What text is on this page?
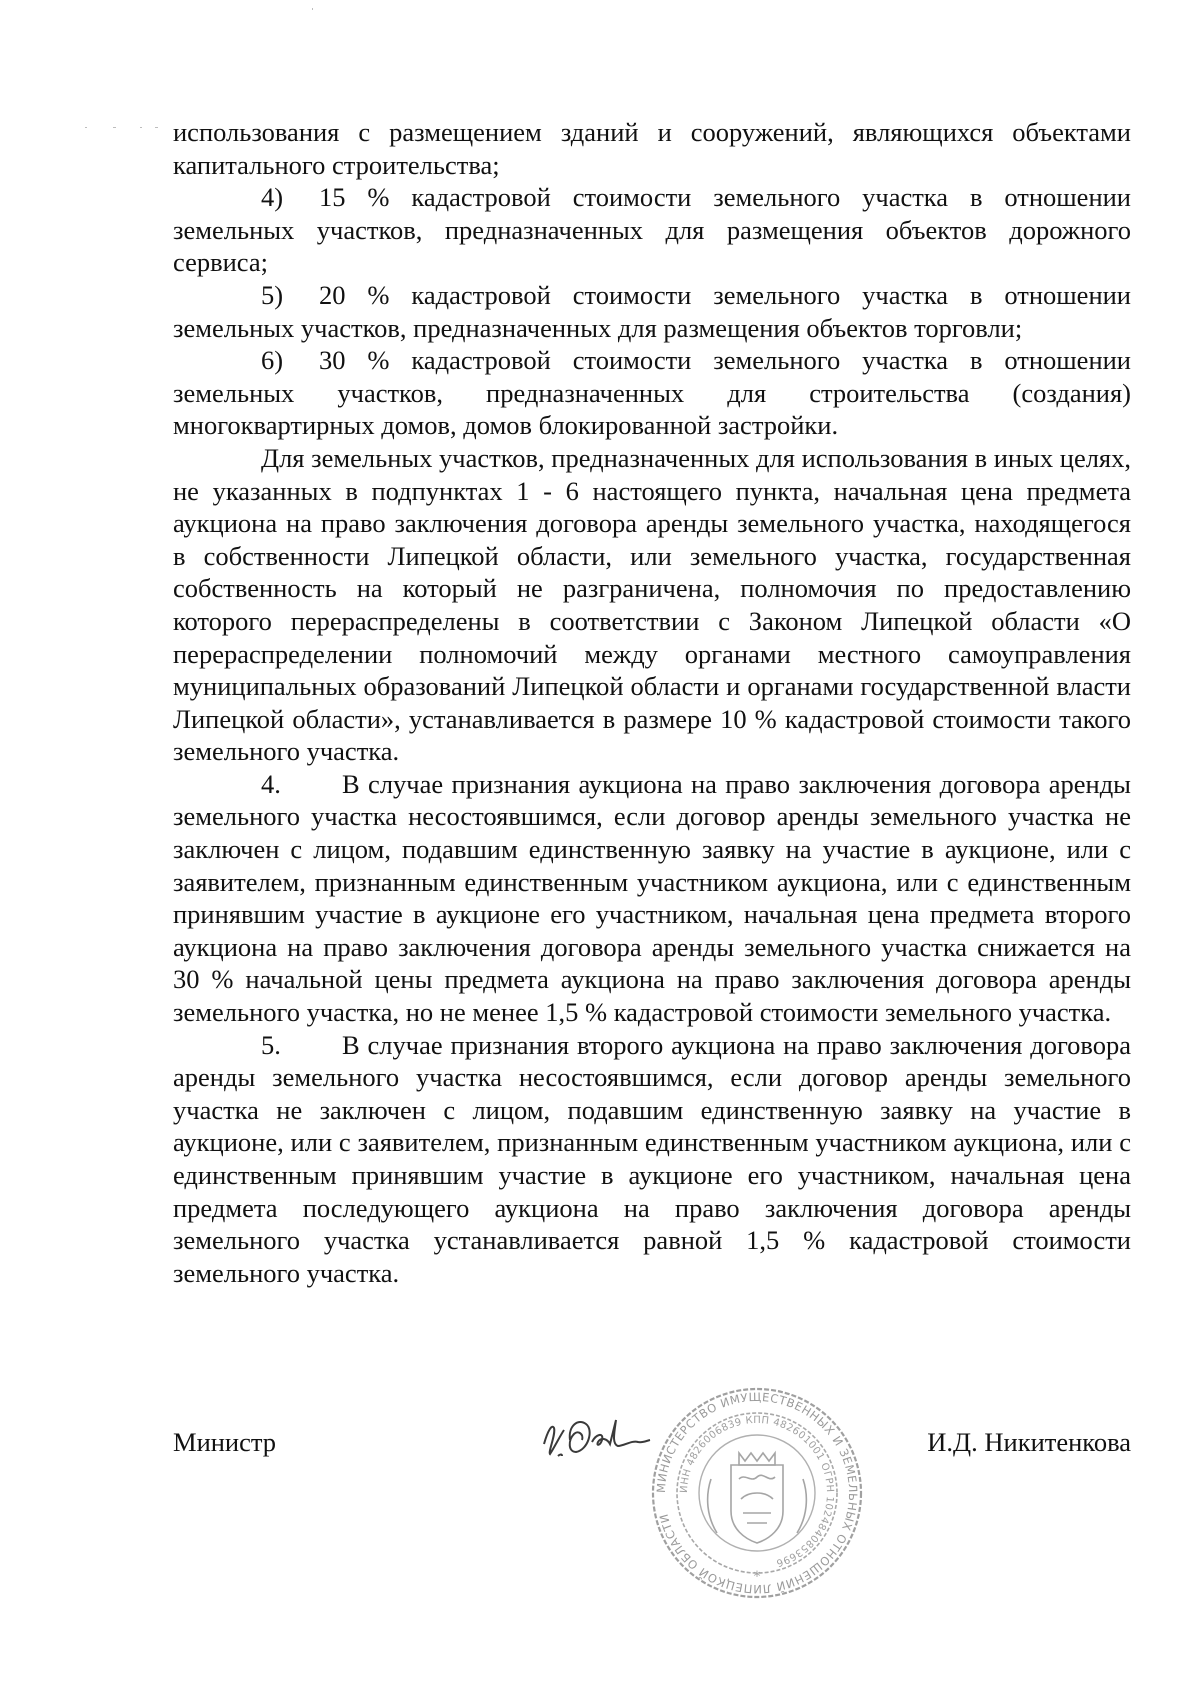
использования с размещением зданий и сооружений, являющихся объектами капитального строительства;

4) 15 % кадастровой стоимости земельного участка в отношении земельных участков, предназначенных для размещения объектов дорожного сервиса;

5) 20 % кадастровой стоимости земельного участка в отношении земельных участков, предназначенных для размещения объектов торговли;

6) 30 % кадастровой стоимости земельного участка в отношении земельных участков, предназначенных для строительства (создания) многоквартирных домов, домов блокированной застройки.

Для земельных участков, предназначенных для использования в иных целях, не указанных в подпунктах 1 - 6 настоящего пункта, начальная цена предмета аукциона на право заключения договора аренды земельного участка, находящегося в собственности Липецкой области, или земельного участка, государственная собственность на который не разграничена, полномочия по предоставлению которого перераспределены в соответствии с Законом Липецкой области «О перераспределении полномочий между органами местного самоуправления муниципальных образований Липецкой области и органами государственной власти Липецкой области», устанавливается в размере 10 % кадастровой стоимости такого земельного участка.

4. В случае признания аукциона на право заключения договора аренды земельного участка несостоявшимся, если договор аренды земельного участка не заключен с лицом, подавшим единственную заявку на участие в аукционе, или с заявителем, признанным единственным участником аукциона, или с единственным принявшим участие в аукционе его участником, начальная цена предмета второго аукциона на право заключения договора аренды земельного участка снижается на 30 % начальной цены предмета аукциона на право заключения договора аренды земельного участка, но не менее 1,5 % кадастровой стоимости земельного участка.

5. В случае признания второго аукциона на право заключения договора аренды земельного участка несостоявшимся, если договор аренды земельного участка не заключен с лицом, подавшим единственную заявку на участие в аукционе, или с заявителем, признанным единственным участником аукциона, или с единственным принявшим участие в аукционе его участником, начальная цена предмета последующего аукциона на право заключения договора аренды земельного участка устанавливается равной 1,5 % кадастровой стоимости земельного участка.

Министр	И.Д. Никитенкова
МИНИСТЕРСТВО ИМУЩЕСТВЕННЫХ И ЗЕМЕЛЬНЫХ ОТНОШЕНИЙ ЛИПЕЦКОЙ ОБЛАСТИ
ИНН 4826006839 КПП 482601001 ОГРН 1024840853696
*
